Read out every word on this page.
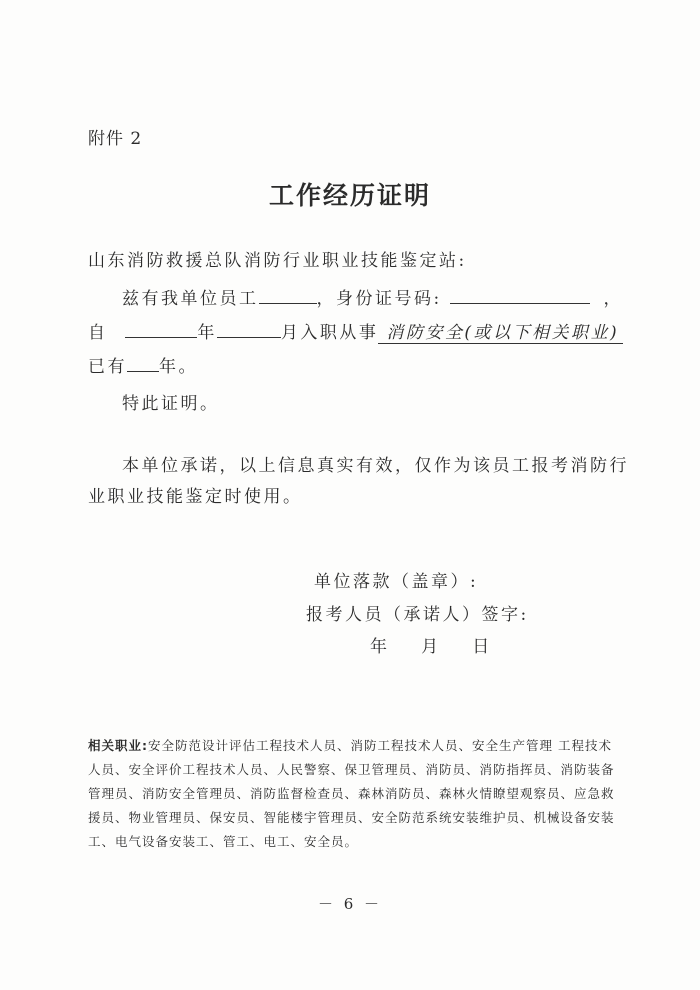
附件 2
工作经历证明
山东消防救援总队消防行业职业技能鉴定站:
兹有我单位员工	，身份证号码:	，
自	年	月入职从事 消防安全(或以下相关职业)
已有 年。
特此证明。
本单位承诺，以上信息真实有效，仅作为该员工报考消防行
业职业技能鉴定时使用。
单位落款（盖章）:
报考人员（承诺人）签字:
年    月    日
相关职业:安全防范设计评估工程技术人员、消防工程技术人员、安全生产管理 工程技术人员、安全评价工程技术人员、人民警察、保卫管理员、消防员、消防指挥员、消防装备管理员、消防安全管理员、消防监督检查员、森林消防员、森林火情瞭望观察员、应急救援员、物业管理员、保安员、智能楼宇管理员、安全防范系统安装维护员、机械设备安装工、电气设备安装工、管工、电工、安全员。
－ 6 －
